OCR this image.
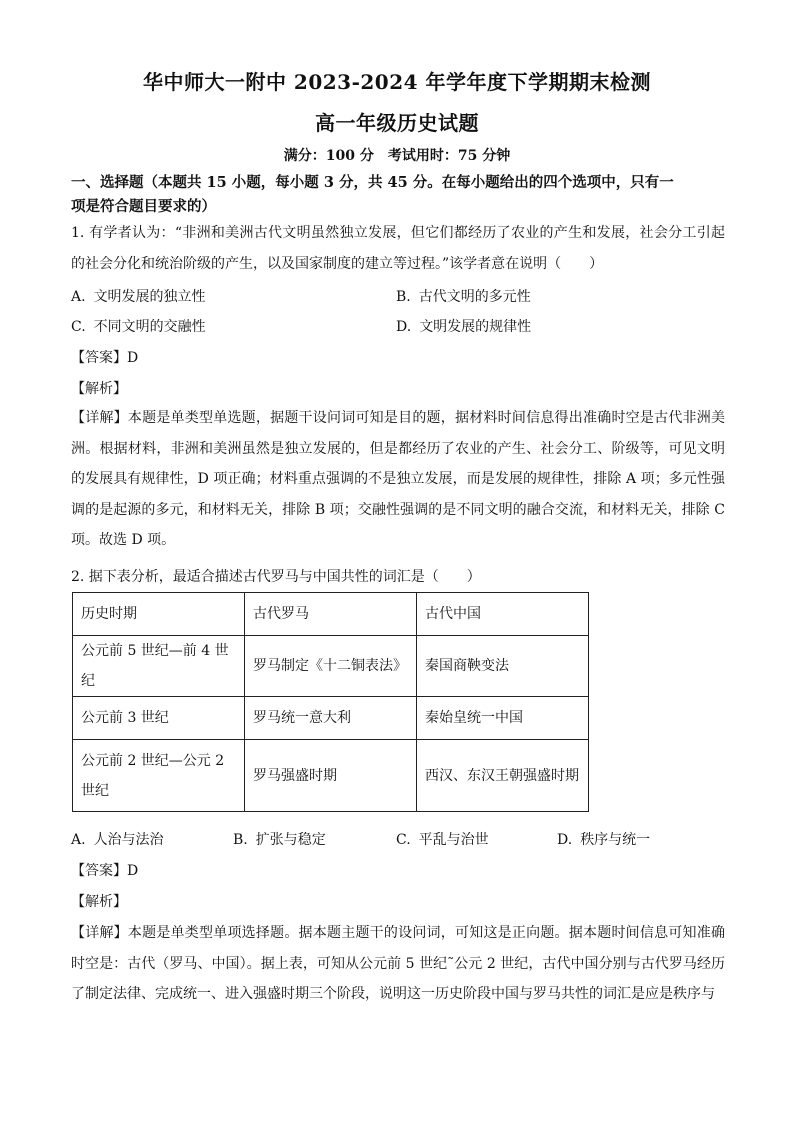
华中师大一附中 2023-2024 年学年度下学期期末检测
高一年级历史试题
满分：100 分 考试用时：75 分钟
一、选择题（本题共 15 小题，每小题 3 分，共 45 分。在每小题给出的四个选项中，只有一
项是符合题目要求的）
1. 有学者认为：“非洲和美洲古代文明虽然独立发展，但它们都经历了农业的产生和发展，社会分工引起的社会分化和统治阶级的产生，以及国家制度的建立等过程。”该学者意在说明（　　）
A. 文明发展的独立性	B. 古代文明的多元性
C. 不同文明的交融性	D. 文明发展的规律性
【答案】D
【解析】
【详解】本题是单类型单选题，据题干设问词可知是目的题，据材料时间信息得出准确时空是古代非洲美洲。根据材料，非洲和美洲虽然是独立发展的，但是都经历了农业的产生、社会分工、阶级等，可见文明的发展具有规律性，D 项正确；材料重点强调的不是独立发展，而是发展的规律性，排除 A 项；多元性强调的是起源的多元，和材料无关，排除 B 项；交融性强调的是不同文明的融合交流，和材料无关，排除 C 项。故选 D 项。
2. 据下表分析，最适合描述古代罗马与中国共性的词汇是（　　）
历史时期	古代罗马	古代中国
公元前 5 世纪—前 4 世纪	罗马制定《十二铜表法》	秦国商鞅变法
公元前 3 世纪	罗马统一意大利	秦始皇统一中国
公元前 2 世纪—公元 2 世纪	罗马强盛时期	西汉、东汉王朝强盛时期
A. 人治与法治	B. 扩张与稳定	C. 平乱与治世	D. 秩序与统一
【答案】D
【解析】
【详解】本题是单类型单项选择题。据本题主题干的设问词，可知这是正向题。据本题时间信息可知准确时空是：古代（罗马、中国）。据上表，可知从公元前 5 世纪˜公元 2 世纪，古代中国分别与古代罗马经历了制定法律、完成统一、进入强盛时期三个阶段，说明这一历史阶段中国与罗马共性的词汇是应是秩序与
